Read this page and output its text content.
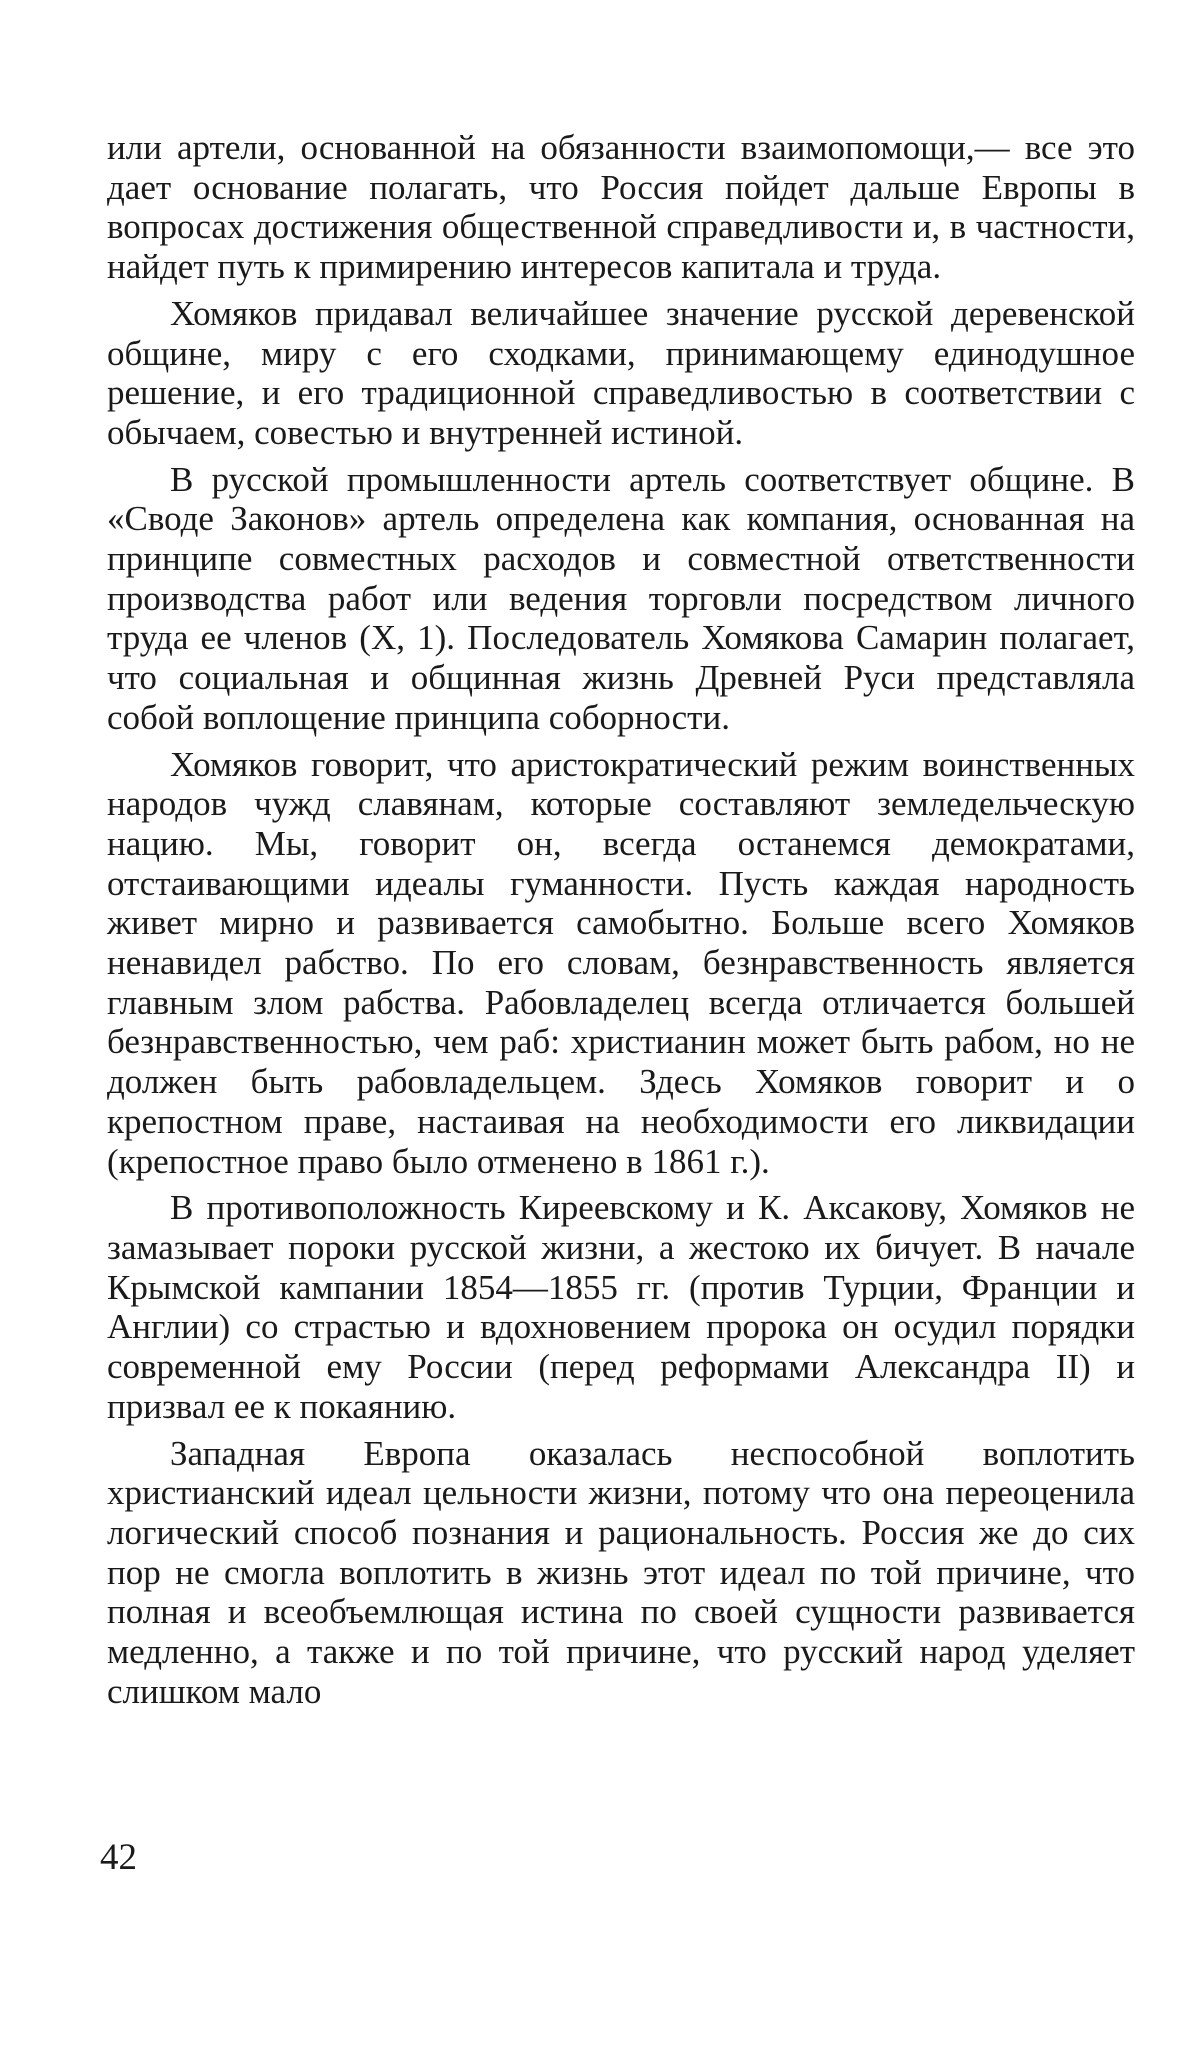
или артели, основанной на обязанности взаимопомощи,— все это дает основание полагать, что Россия пойдет дальше Европы в вопросах достижения общественной справедливости и, в частности, найдет путь к примирению интересов капитала и труда.

Хомяков придавал величайшее значение русской деревенской общине, миру с его сходками, принимающему единодушное решение, и его традиционной справедливостью в соответствии с обычаем, совестью и внутренней истиной.

В русской промышленности артель соответствует общине. В «Своде Законов» артель определена как компания, основанная на принципе совместных расходов и совместной ответственности производства работ или ведения торговли посредством личного труда ее членов (X, 1). Последователь Хомякова Самарин полагает, что социальная и общинная жизнь Древней Руси представляла собой воплощение принципа соборности.

Хомяков говорит, что аристократический режим воинственных народов чужд славянам, которые составляют земледельческую нацию. Мы, говорит он, всегда останемся демократами, отстаивающими идеалы гуманности. Пусть каждая народность живет мирно и развивается самобытно. Больше всего Хомяков ненавидел рабство. По его словам, безнравственность является главным злом рабства. Рабовладелец всегда отличается большей безнравственностью, чем раб: христианин может быть рабом, но не должен быть рабовладельцем. Здесь Хомяков говорит и о крепостном праве, настаивая на необходимости его ликвидации (крепостное право было отменено в 1861 г.).

В противоположность Киреевскому и К. Аксакову, Хомяков не замазывает пороки русской жизни, а жестоко их бичует. В начале Крымской кампании 1854—1855 гг. (против Турции, Франции и Англии) со страстью и вдохновением пророка он осудил порядки современной ему России (перед реформами Александра II) и призвал ее к покаянию.

Западная Европа оказалась неспособной воплотить христианский идеал цельности жизни, потому что она переоценила логический способ познания и рациональность. Россия же до сих пор не смогла воплотить в жизнь этот идеал по той причине, что полная и всеобъемлющая истина по своей сущности развивается медленно, а также и по той причине, что русский народ уделяет слишком мало

42
